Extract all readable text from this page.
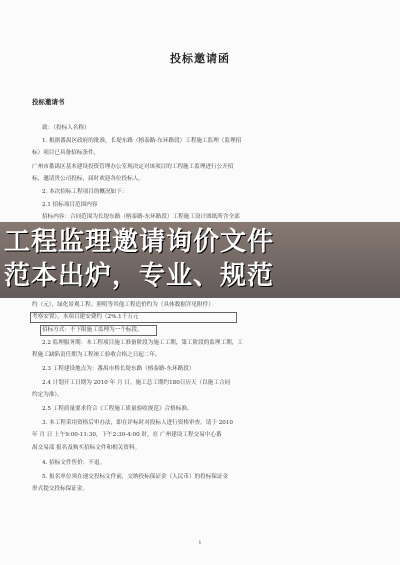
投标邀请函
投标邀请书
致：（投标人名称）
1. 根据番禺区政府的批准，长堤东路（榕泰路-东环路段）工程施工监理（监理招
标）项目已具备招标条件，
广州市番禺区基本建设投资管理办公室现决定对该项目的工程施工监理进行公开招
标，邀请贵公司投标，届时欢迎各位投标人。
2. 本次招标工程项目的概况如下：
2.1 招标项目范围内容
招标内容：合同范围为长堤东路（榕泰路-东环路段）工程施工设计图纸所含全部
工程监理邀请询价文件
范本出炉，专业、规范
约（元），绿化景观工程、照明等其他工程造价约为（具体数据详见附件）
考察安置），本项目建安费约（2%.1千万元
招标方式：不下限施工监理为一个标段。
2.2 监理服务期：本工程项目施工准备阶段为施工工期，第工阶段的监理工期，工
程施工缺陷责任期为工程竣工验收合格之日起二年。
2.3 工程建设地点为：番禺市桥长堤东路（榕泰路-东环路段）
2.4 计划开工日期为 2010 年 月 日，施工总工期约180日历天（以施工合同
约定为准）。
2.5 工程质量要求符合《工程施工质量验收规范》合格标准。
3. 本工程采用资格后审办法，即在评标时对投标人进行资格审查。请于 2010
年 月 日 上午9:00-11:30，下午2:30-4:00 时，在 广州建设工程交易中心番
禺交易部 报名及购买招标文件和相关资料。
4. 招标文件售价：不退。
5. 报名单位须在递交投标文件前，交纳投标保证金（人民币）的投标保证金
形式提交投标保证金。
1
